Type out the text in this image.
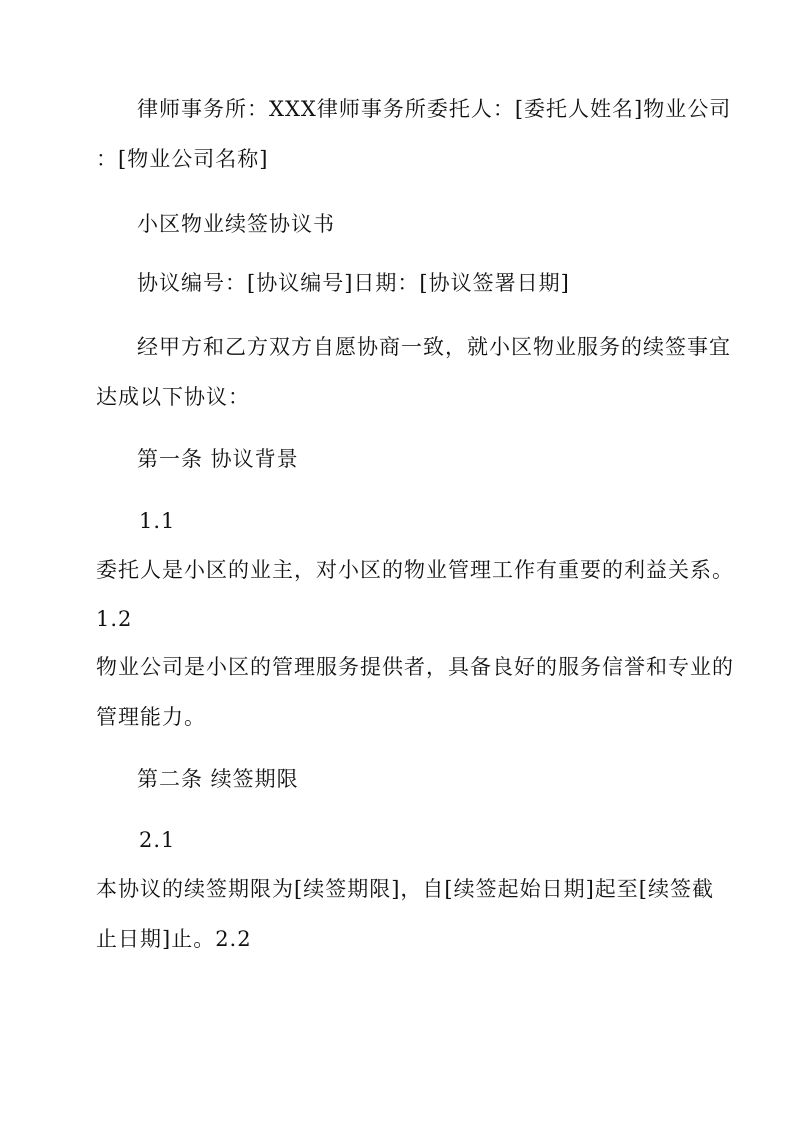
律师事务所：XXX律师事务所委托人：[委托人姓名]物业公司
：[物业公司名称]
小区物业续签协议书
协议编号：[协议编号]日期：[协议签署日期]
经甲方和乙方双方自愿协商一致，就小区物业服务的续签事宜
达成以下协议：
第一条 协议背景
1.1
委托人是小区的业主，对小区的物业管理工作有重要的利益关系。
1.2
物业公司是小区的管理服务提供者，具备良好的服务信誉和专业的
管理能力。
第二条 续签期限
2.1
本协议的续签期限为[续签期限]，自[续签起始日期]起至[续签截
止日期]止。2.2
